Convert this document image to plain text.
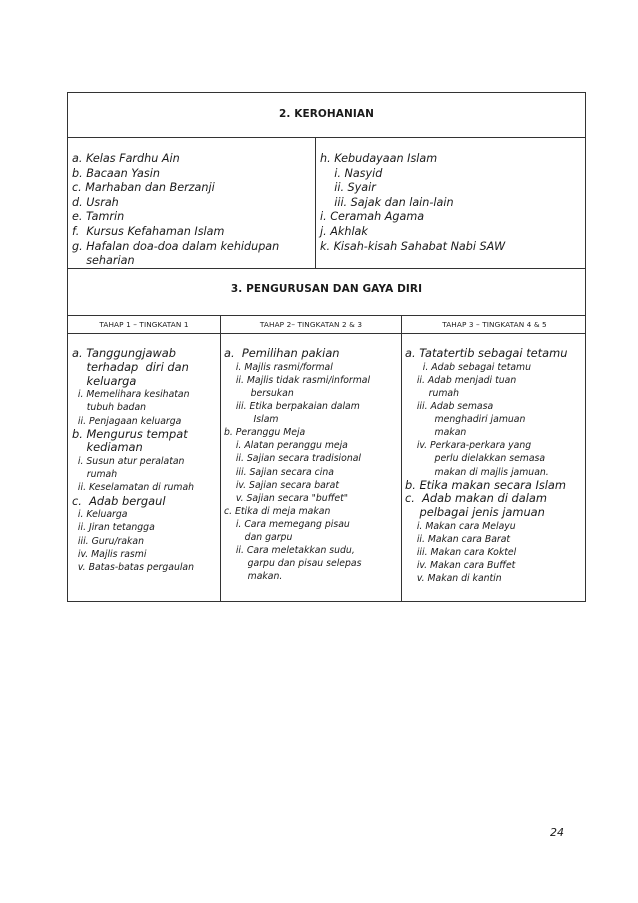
2. KEROHANIAN
a. Kelas Fardhu Ain
b. Bacaan Yasin
c. Marhaban dan Berzanji
d. Usrah
e. Tamrin
f.  Kursus Kefahaman Islam
g. Hafalan doa-doa dalam kehidupan
seharian
h. Kebudayaan Islam
i. Nasyid
ii. Syair
iii. Sajak dan lain-lain
i. Ceramah Agama
j. Akhlak
k. Kisah-kisah Sahabat Nabi SAW
3. PENGURUSAN DAN GAYA DIRI
TAHAP 1 – TINGKATAN 1	TAHAP 2– TINGKATAN 2 & 3	TAHAP 3 – TINGKATAN 4 & 5
a. Tanggungjawab
terhadap  diri dan
keluarga
i. Memelihara kesihatan
tubuh badan
ii. Penjagaan keluarga
b. Mengurus tempat
kediaman
i. Susun atur peralatan
rumah
ii. Keselamatan di rumah
c.  Adab bergaul
i. Keluarga
ii. Jiran tetangga
iii. Guru/rakan
iv. Majlis rasmi
v. Batas-batas pergaulan
a.  Pemilihan pakian
i. Majlis rasmi/formal
ii. Majlis tidak rasmi/informal
bersukan
iii. Etika berpakaian dalam
Islam
b. Peranggu Meja
i. Alatan peranggu meja
ii. Sajian secara tradisional
iii. Sajian secara cina
iv. Sajian secara barat
v. Sajian secara "buffet"
c. Etika di meja makan
i. Cara memegang pisau
dan garpu
ii. Cara meletakkan sudu,
garpu dan pisau selepas
makan.
a. Tatatertib sebagai tetamu
i. Adab sebagai tetamu
ii. Adab menjadi tuan
rumah
iii. Adab semasa
menghadiri jamuan
makan
iv. Perkara-perkara yang
perlu dielakkan semasa
makan di majlis jamuan.
b. Etika makan secara Islam
c.  Adab makan di dalam
pelbagai jenis jamuan
i. Makan cara Melayu
ii. Makan cara Barat
iii. Makan cara Koktel
iv. Makan cara Buffet
v. Makan di kantin
24
